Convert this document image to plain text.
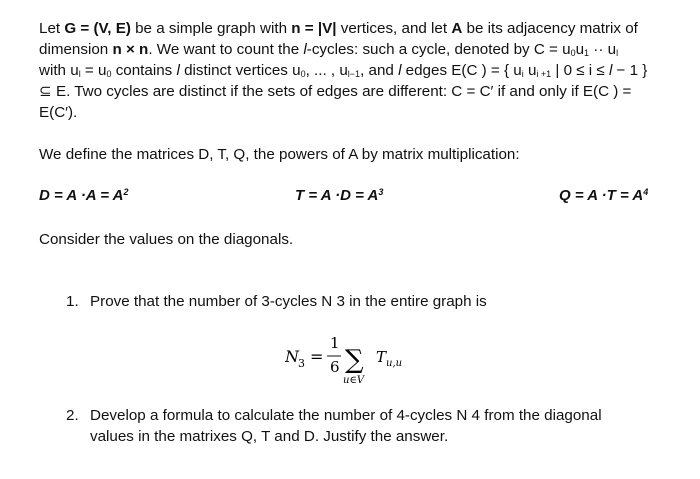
Let G = (V, E) be a simple graph with n = |V| vertices, and let A be its adjacency matrix of
dimension n × n. We want to count the l-cycles: such a cycle, denoted by $C = u_0u_1 \cdot\cdot u_l$
with $u_l = u_0$ contains l distinct vertices $u_0$, ... , $u_{l-1}$, and l edges E(C ) = { $u_i$ $u_{i +1}$ | 0 ≤ i ≤ l − 1 }
⊆ E. Two cycles are distinct if the sets of edges are different: C = C′ if and only if E(C ) =
E(C′).
We define the matrices D, T, Q, the powers of A by matrix multiplication:
$D = A \cdot A = A^2$	$T = A \cdot D = A^3$	$Q = A \cdot T = A^4$
Consider the values on the diagonals.
1. Prove that the number of 3-cycles N 3 in the entire graph is
N 3 =
1
6 ∑
u∈V
T u,u
2. Develop a formula to calculate the number of 4-cycles N 4 from the diagonal
values in the matrixes Q, T and D. Justify the answer.
